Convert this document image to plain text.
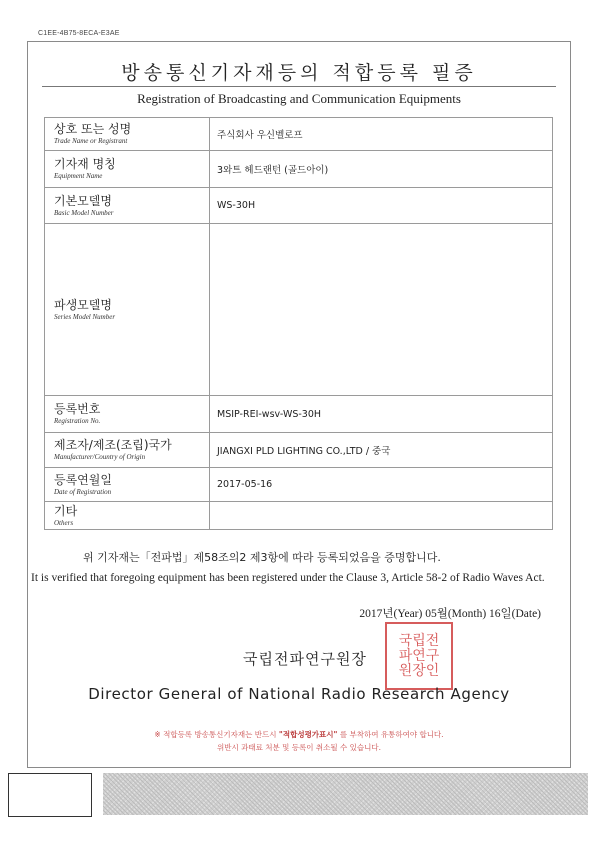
C1EE-4B75-8ECA-E3AE
방송통신기자재등의 적합등록 필증
Registration of Broadcasting and Communication Equipments
상호 또는 성명
Trade Name or Registrant	주식회사 우신벨로프

기자재 명칭
Equipment Name	3와트 헤드랜턴 (골드아이)

기본모델명
Basic Model Number	WS-30H

파생모델명
Series Model Number	

등록번호
Registration No.	MSIP-REI-wsv-WS-30H

제조자/제조(조립)국가
Manufacturer/Country of Origin	JIANGXI PLD LIGHTING CO.,LTD / 중국

등록연월일
Date of Registration	2017-05-16

기타
Others	

위 기자재는「전파법」제58조의2 제3항에 따라 등록되었음을 증명합니다.
It is verified that foregoing equipment has been registered under the Clause 3, Article 58-2 of Radio Waves Act.
2017년(Year) 05월(Month) 16일(Date)
국립전파연구원장
국립전
파연구
원장인
Director General of National Radio Research Agency
※ 적합등록 방송통신기자재는 반드시 "적합성평가표시" 를 부착하여 유통하여야 합니다.
위반시 과태료 처분 및 등록이 취소될 수 있습니다.
